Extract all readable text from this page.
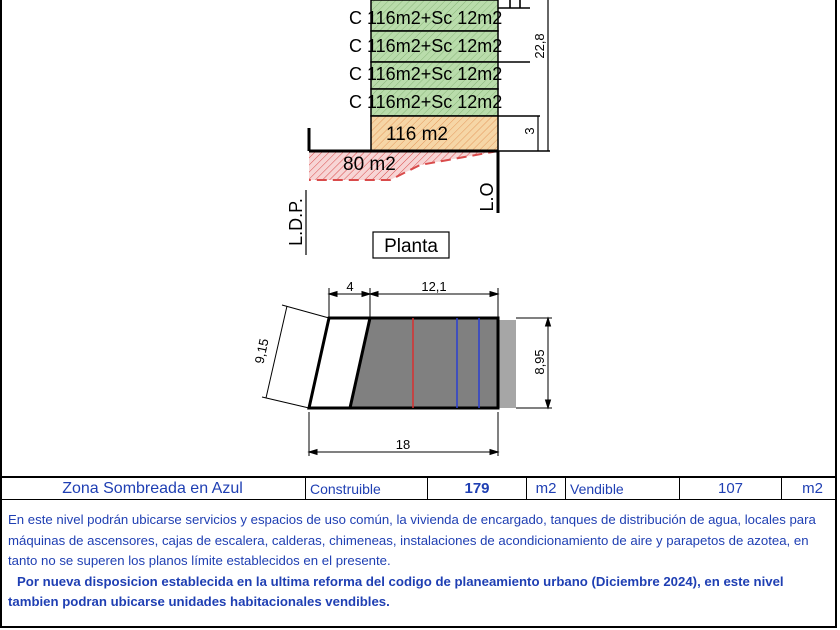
C 116m2+Sc 12m2
C 116m2+Sc 12m2
C 116m2+Sc 12m2
C 116m2+Sc 12m2
116 m2
22,8
3
80 m2
L.D.P.
L.O
Planta
4	12,1
9,15	8,95
18
Zona Sombreada en Azul	Construible	179	m2 Vendible	107	m2

En este nivel podrán ubicarse servicios y espacios de uso común, la vivienda de encargado, tanques de distribución de agua, locales para máquinas de ascensores, cajas de escalera, calderas, chimeneas, instalaciones de acondicionamiento de aire y parapetos de azotea, en tanto no se superen los planos límite establecidos en el presente.

Por nueva disposicion establecida en la ultima reforma del codigo de planeamiento urbano (Diciembre 2024), en este nivel tambien podran ubicarse unidades habitacionales vendibles.
